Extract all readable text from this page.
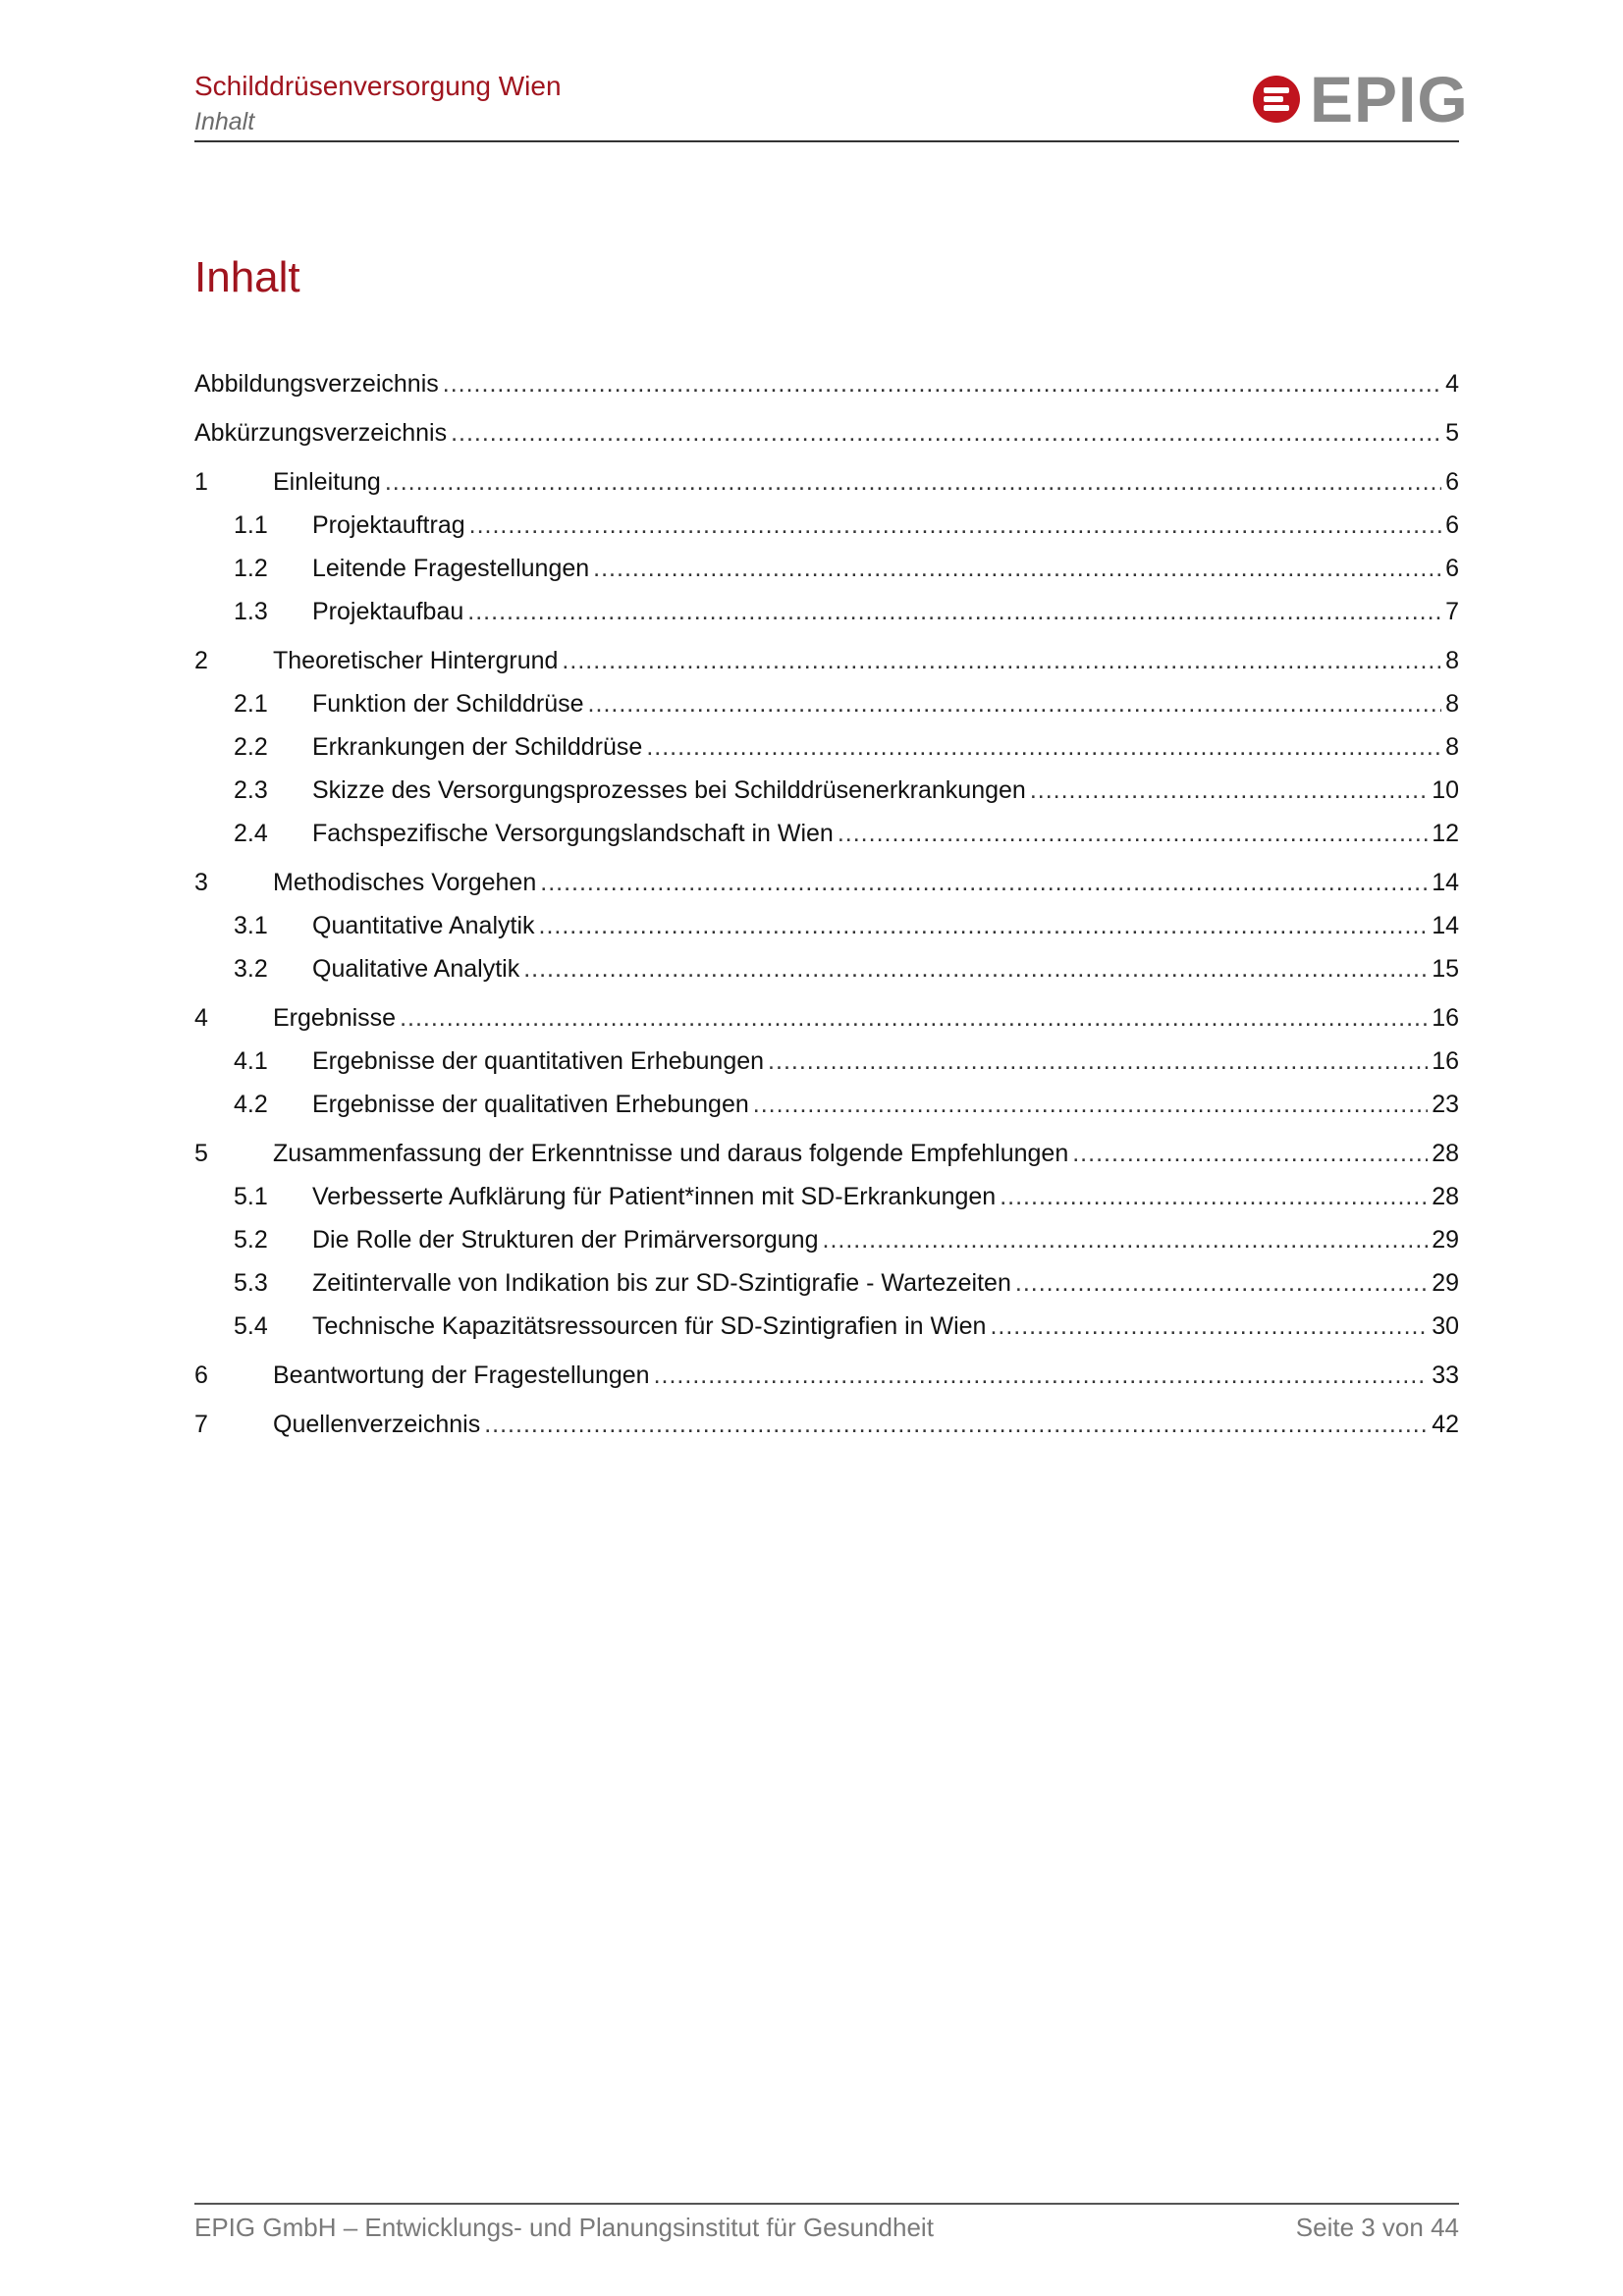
Schilddrüsenversorgung Wien
Inhalt	EPIG
Inhalt
Abbildungsverzeichnis .....	4
Abkürzungsverzeichnis .....	5
1	Einleitung .....	6
1.1	Projektauftrag .....	6
1.2	Leitende Fragestellungen .....	6
1.3	Projektaufbau .....	7
2	Theoretischer Hintergrund .....	8
2.1	Funktion der Schilddrüse .....	8
2.2	Erkrankungen der Schilddrüse .....	8
2.3	Skizze des Versorgungsprozesses bei Schilddrüsenerkrankungen .....	10
2.4	Fachspezifische Versorgungslandschaft in Wien .....	12
3	Methodisches Vorgehen .....	14
3.1	Quantitative Analytik .....	14
3.2	Qualitative Analytik .....	15
4	Ergebnisse .....	16
4.1	Ergebnisse der quantitativen Erhebungen .....	16
4.2	Ergebnisse der qualitativen Erhebungen .....	23
5	Zusammenfassung der Erkenntnisse und daraus folgende Empfehlungen .....	28
5.1	Verbesserte Aufklärung für Patient*innen mit SD-Erkrankungen .....	28
5.2	Die Rolle der Strukturen der Primärversorgung .....	29
5.3	Zeitintervalle von Indikation bis zur SD-Szintigrafie - Wartezeiten .....	29
5.4	Technische Kapazitätsressourcen für SD-Szintigrafien in Wien .....	30
6	Beantwortung der Fragestellungen .....	33
7	Quellenverzeichnis .....	42
EPIG GmbH – Entwicklungs- und Planungsinstitut für Gesundheit	Seite 3 von 44
